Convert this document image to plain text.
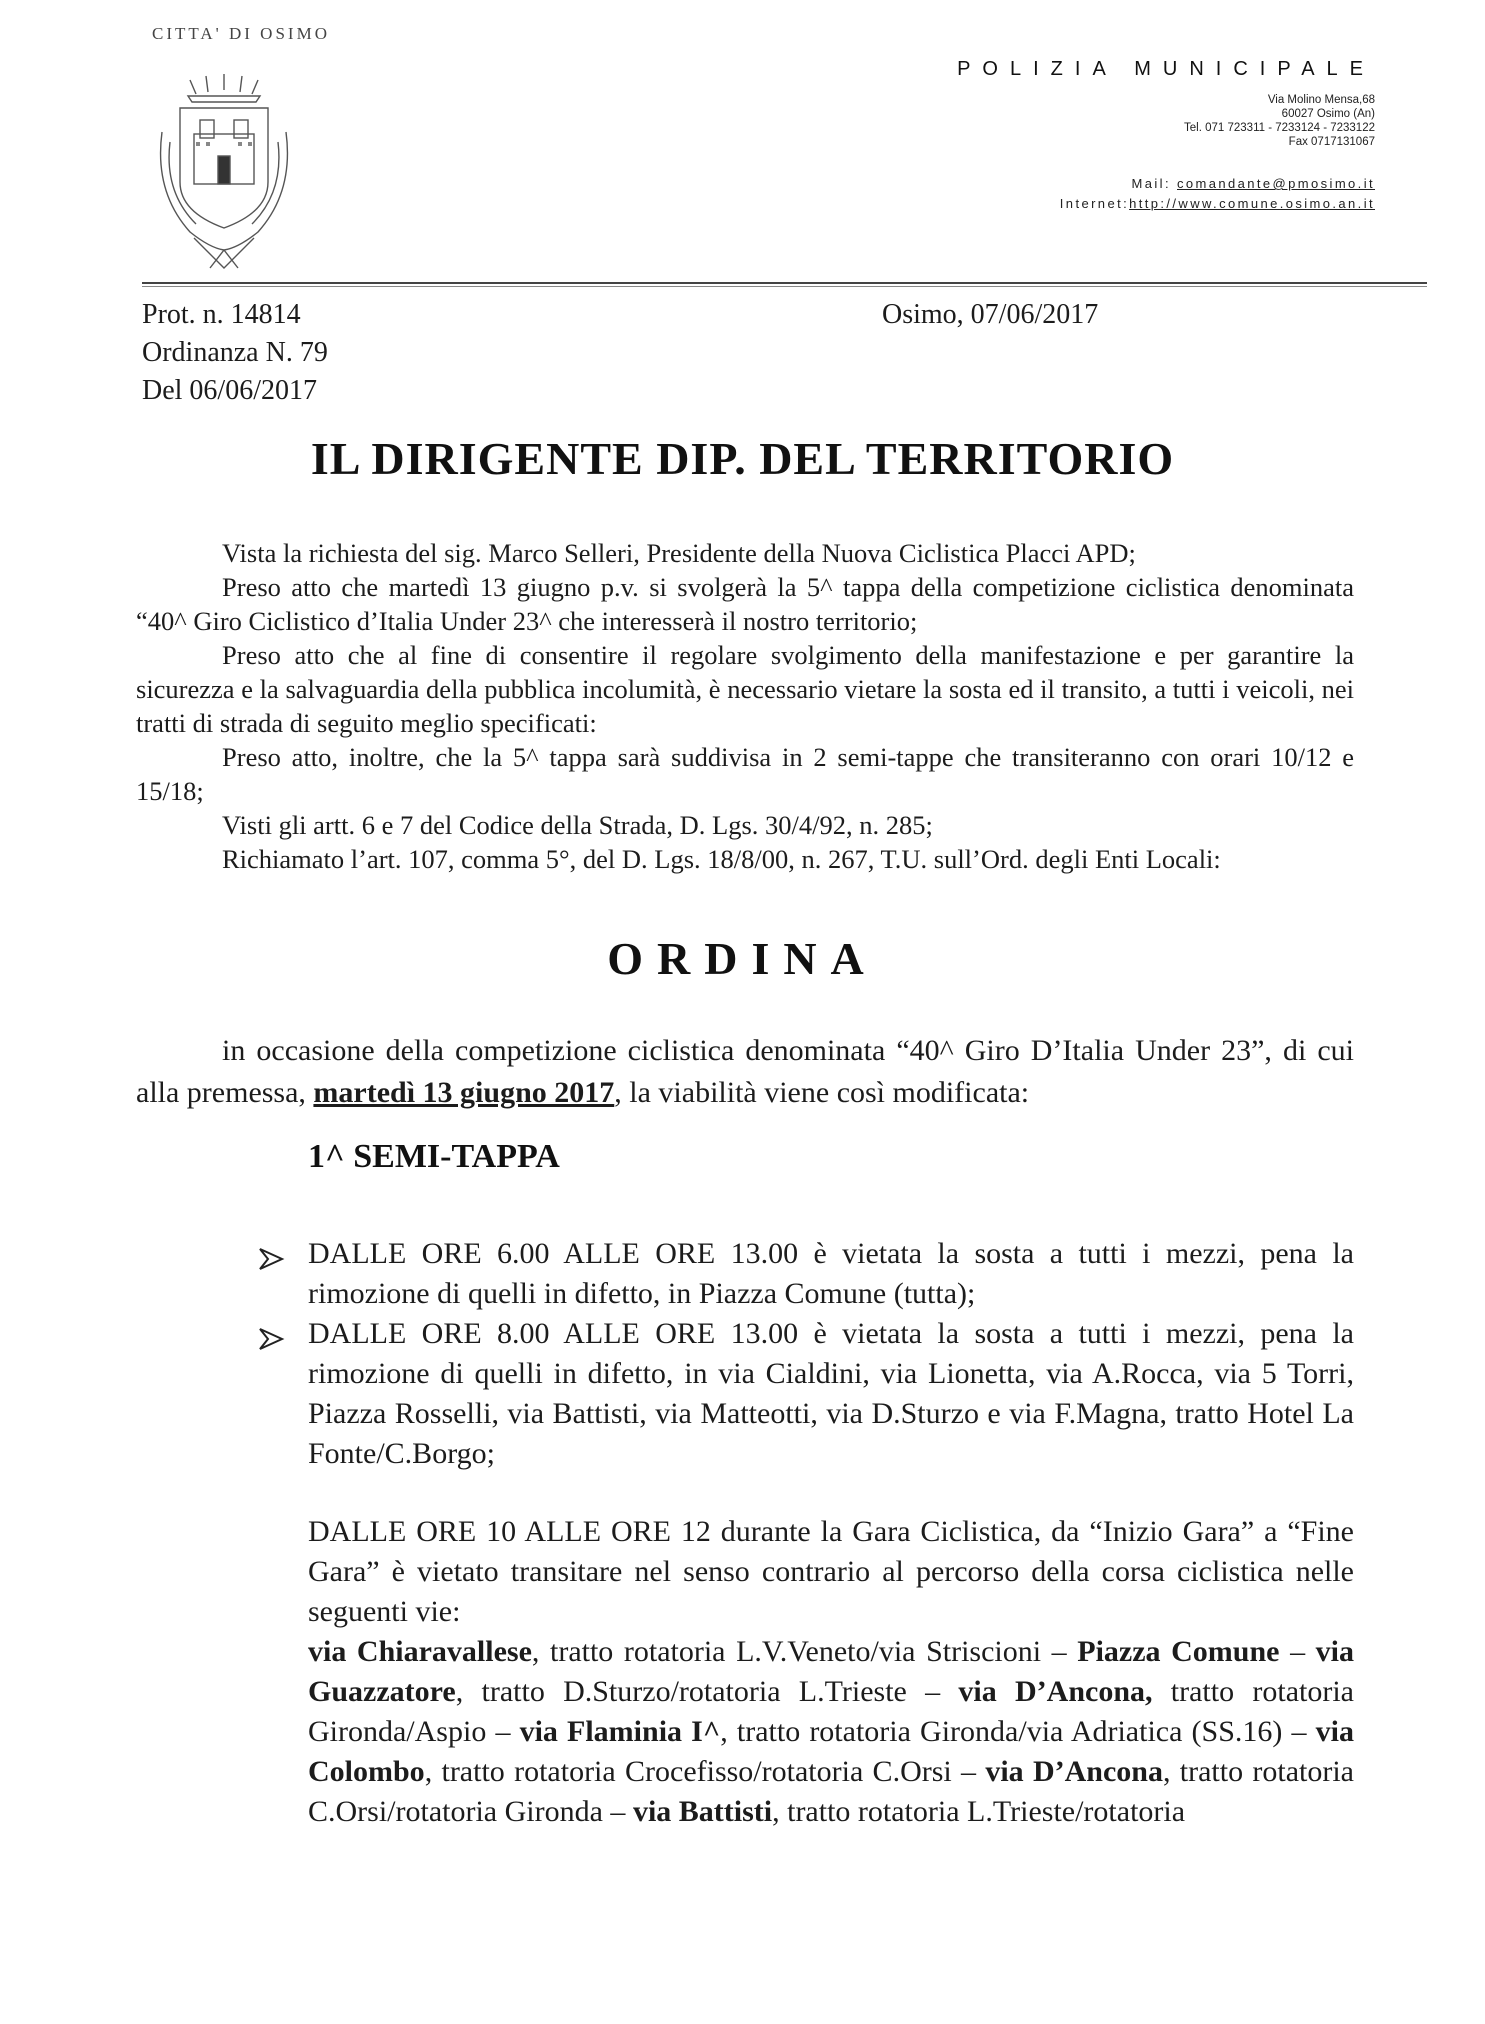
CITTA' DI OSIMO
POLIZIA MUNICIPALE
Via Molino Mensa,68
60027 Osimo (An)
Tel. 071 723311 - 7233124 - 7233122
Fax 0717131067
Mail: comandante@pmosimo.it
Internet:http://www.comune.osimo.an.it
Prot. n. 14814
Ordinanza N. 79
Del 06/06/2017
Osimo, 07/06/2017
IL DIRIGENTE DIP. DEL TERRITORIO
Vista la richiesta del sig. Marco Selleri, Presidente della Nuova Ciclistica Placci APD;
Preso atto che martedì 13 giugno p.v. si svolgerà la 5^ tappa della competizione ciclistica denominata “40^ Giro Ciclistico d’Italia Under 23^ che interesserà il nostro territorio;
Preso atto che al fine di consentire il regolare svolgimento della manifestazione e per garantire la sicurezza e la salvaguardia della pubblica incolumità, è necessario vietare la sosta ed il transito, a tutti i veicoli, nei tratti di strada di seguito meglio specificati:
Preso atto, inoltre, che la 5^ tappa sarà suddivisa in 2 semi-tappe che transiteranno con orari 10/12 e 15/18;
Visti gli artt. 6 e 7 del Codice della Strada, D. Lgs. 30/4/92, n. 285;
Richiamato l’art. 107, comma 5°, del D. Lgs. 18/8/00, n. 267, T.U. sull’Ord. degli Enti Locali:
ORDINA
in occasione della competizione ciclistica denominata “40^ Giro D’Italia Under 23”, di cui alla premessa, martedì 13 giugno 2017, la viabilità viene così modificata:
1^ SEMI-TAPPA
DALLE ORE 6.00 ALLE ORE 13.00 è vietata la sosta a tutti i mezzi, pena la rimozione di quelli in difetto, in Piazza Comune (tutta);
DALLE ORE 8.00 ALLE ORE 13.00 è vietata la sosta a tutti i mezzi, pena la rimozione di quelli in difetto, in via Cialdini, via Lionetta, via A.Rocca, via 5 Torri, Piazza Rosselli, via Battisti, via Matteotti, via D.Sturzo e via F.Magna, tratto Hotel La Fonte/C.Borgo;
DALLE ORE 10 ALLE ORE 12 durante la Gara Ciclistica, da “Inizio Gara” a “Fine Gara” è vietato transitare nel senso contrario al percorso della corsa ciclistica nelle seguenti vie:
via Chiaravallese, tratto rotatoria L.V.Veneto/via Striscioni – Piazza Comune – via Guazzatore, tratto D.Sturzo/rotatoria L.Trieste – via D’Ancona, tratto rotatoria Gironda/Aspio – via Flaminia I^, tratto rotatoria Gironda/via Adriatica (SS.16) – via Colombo, tratto rotatoria Crocefisso/rotatoria C.Orsi – via D’Ancona, tratto rotatoria C.Orsi/rotatoria Gironda – via Battisti, tratto rotatoria L.Trieste/rotatoria
